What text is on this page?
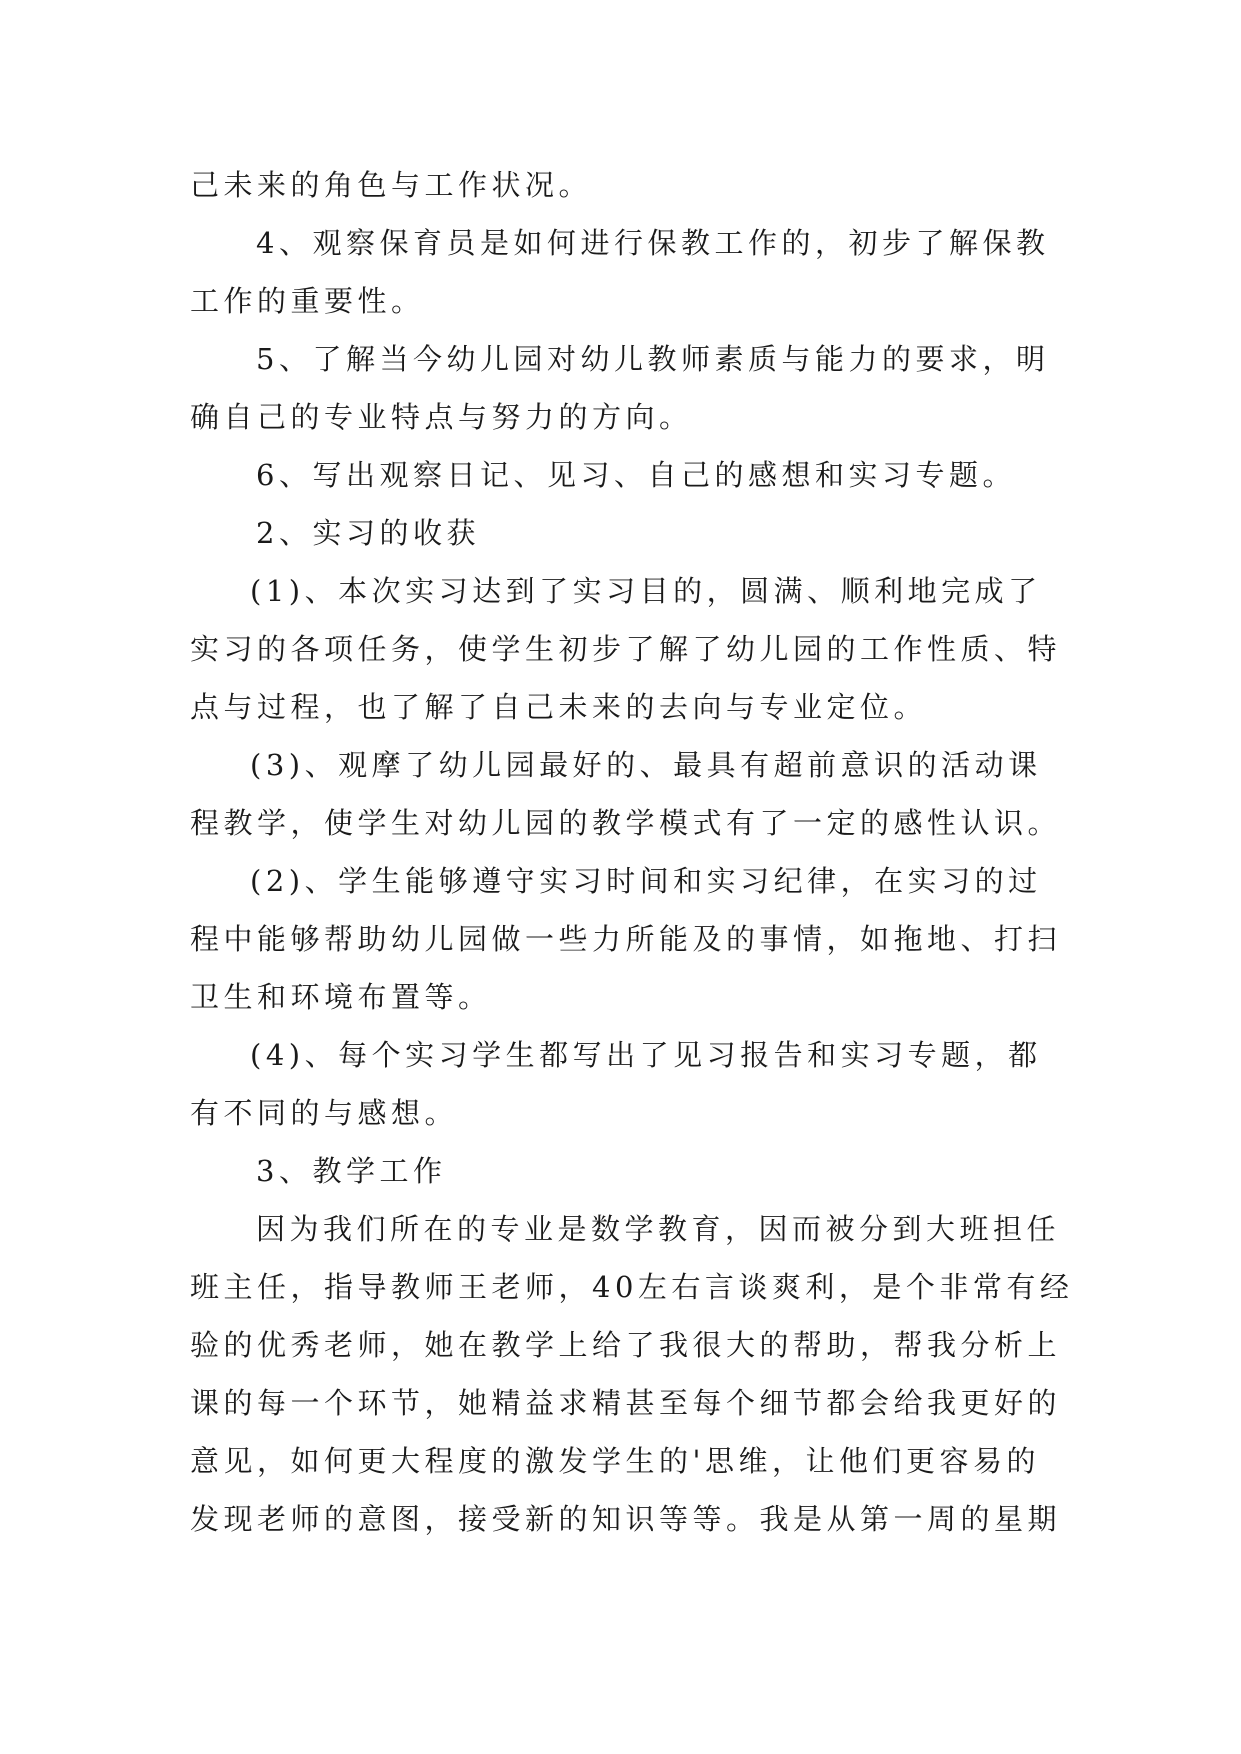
己未来的角色与工作状况。
4、观察保育员是如何进行保教工作的，初步了解保教
工作的重要性。
5、了解当今幼儿园对幼儿教师素质与能力的要求，明
确自己的专业特点与努力的方向。
6、写出观察日记、见习、自己的感想和实习专题。
2、实习的收获
(1)、本次实习达到了实习目的，圆满、顺利地完成了
实习的各项任务，使学生初步了解了幼儿园的工作性质、特
点与过程，也了解了自己未来的去向与专业定位。
(3)、观摩了幼儿园最好的、最具有超前意识的活动课
程教学，使学生对幼儿园的教学模式有了一定的感性认识。
(2)、学生能够遵守实习时间和实习纪律，在实习的过
程中能够帮助幼儿园做一些力所能及的事情，如拖地、打扫
卫生和环境布置等。
(4)、每个实习学生都写出了见习报告和实习专题，都
有不同的与感想。
3、教学工作
因为我们所在的专业是数学教育，因而被分到大班担任
班主任，指导教师王老师，40左右言谈爽利，是个非常有经
验的优秀老师，她在教学上给了我很大的帮助，帮我分析上
课的每一个环节，她精益求精甚至每个细节都会给我更好的
意见，如何更大程度的激发学生的'思维，让他们更容易的
发现老师的意图，接受新的知识等等。我是从第一周的星期
